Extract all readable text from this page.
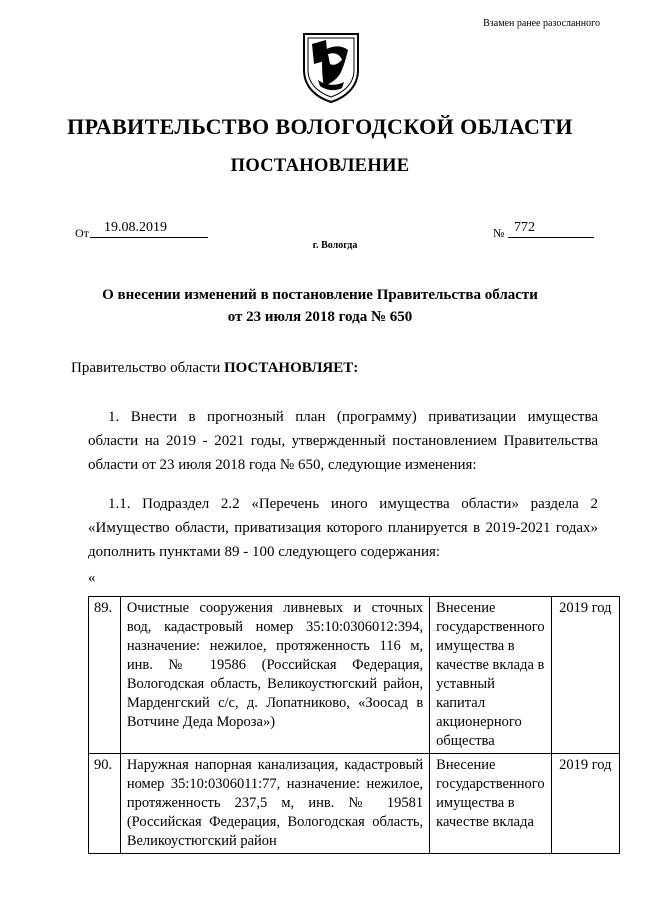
Взамен ранее разосланного
ПРАВИТЕЛЬСТВО ВОЛОГОДСКОЙ ОБЛАСТИ
ПОСТАНОВЛЕНИЕ
От	19.08.2019	№ 772
г. Вологда
О внесении изменений в постановление Правительства области
от 23 июля 2018 года № 650
Правительство области ПОСТАНОВЛЯЕТ:
1. Внести в прогнозный план (программу) приватизации имущества
области на 2019 - 2021 годы, утвержденный постановлением Правительства
области от 23 июля 2018 года № 650, следующие изменения:
1.1. Подраздел 2.2 «Перечень иного имущества области» раздела 2
«Имущество области, приватизация которого планируется в 2019-2021 годах»
дополнить пунктами 89 - 100 следующего содержания:
«
89.	Очистные сооружения ливневых и сточных вод, кадастровый номер 35:10:0306012:394, назначение: нежилое, протяженность 116 м, инв. № 19586 (Российская Федерация, Вологодская область, Великоустюгский район, Марденгский с/с, д. Лопатниково, «Зоосад в Вотчине Деда Мороза»)	Внесение государственного имущества в качестве вклада в уставный капитал акционерного общества	2019 год
90.	Наружная напорная канализация, кадастровый номер 35:10:0306011:77, назначение: нежилое, протяженность 237,5 м, инв. № 19581 (Российская Федерация, Вологодская область, Великоустюгский район	Внесение государственного имущества в качестве вклада	2019 год
